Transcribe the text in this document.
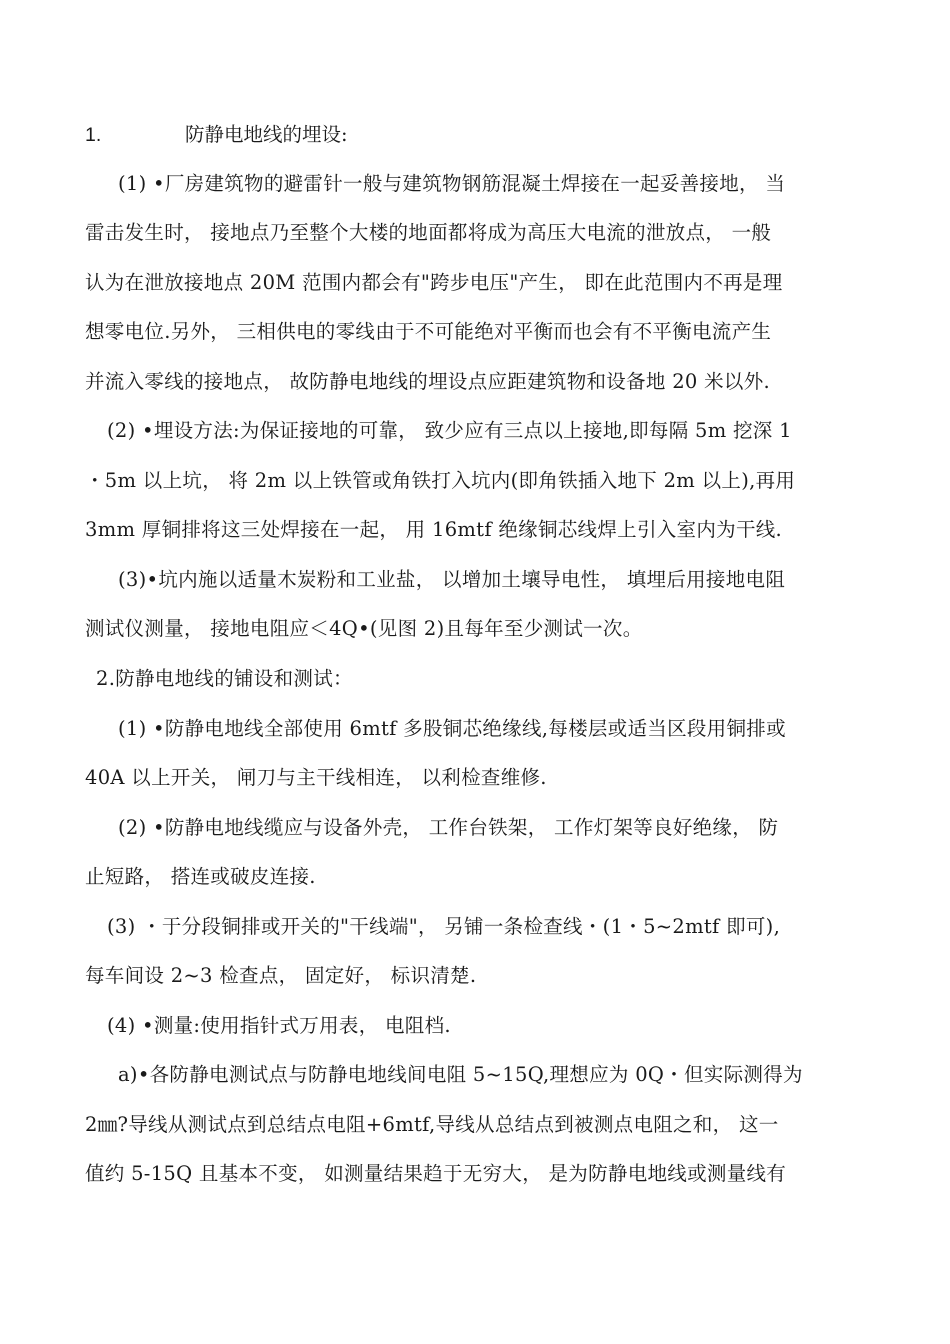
1.	防静电地线的埋设:
(1) •厂房建筑物的避雷针一般与建筑物钢筋混凝土焊接在一起妥善接地， 当
雷击发生时， 接地点乃至整个大楼的地面都将成为高压大电流的泄放点， 一般
认为在泄放接地点 20M 范围内都会有"跨步电压"产生， 即在此范围内不再是理
想零电位.另外， 三相供电的零线由于不可能绝对平衡而也会有不平衡电流产生
并流入零线的接地点， 故防静电地线的埋设点应距建筑物和设备地 20 米以外.
(2) •埋设方法:为保证接地的可靠， 致少应有三点以上接地,即每隔 5m 挖深 1
・5m 以上坑， 将 2m 以上铁管或角铁打入坑内(即角铁插入地下 2m 以上),再用
3mm 厚铜排将这三处焊接在一起， 用 16mtf 绝缘铜芯线焊上引入室内为干线.
(3)•坑内施以适量木炭粉和工业盐， 以增加土壤导电性， 填埋后用接地电阻
测试仪测量， 接地电阻应＜4Q•(见图 2)且每年至少测试一次。
2.防静电地线的铺设和测试：
(1) •防静电地线全部使用 6mtf 多股铜芯绝缘线,每楼层或适当区段用铜排或
40A 以上开关， 闸刀与主干线相连， 以利检查维修.
(2) •防静电地线缆应与设备外壳， 工作台铁架， 工作灯架等良好绝缘， 防
止短路， 搭连或破皮连接.
(3) ・于分段铜排或开关的"干线端"， 另铺一条检查线・(1・5~2mtf 即可),
每车间设 2~3 检查点， 固定好， 标识清楚.
(4) •测量:使用指针式万用表， 电阻档.
a)•各防静电测试点与防静电地线间电阻 5~15Q,理想应为 0Q・但实际测得为
2㎜?导线从测试点到总结点电阻+6mtf,导线从总结点到被测点电阻之和， 这一
值约 5-15Q 且基本不变， 如测量结果趋于无穷大， 是为防静电地线或测量线有
